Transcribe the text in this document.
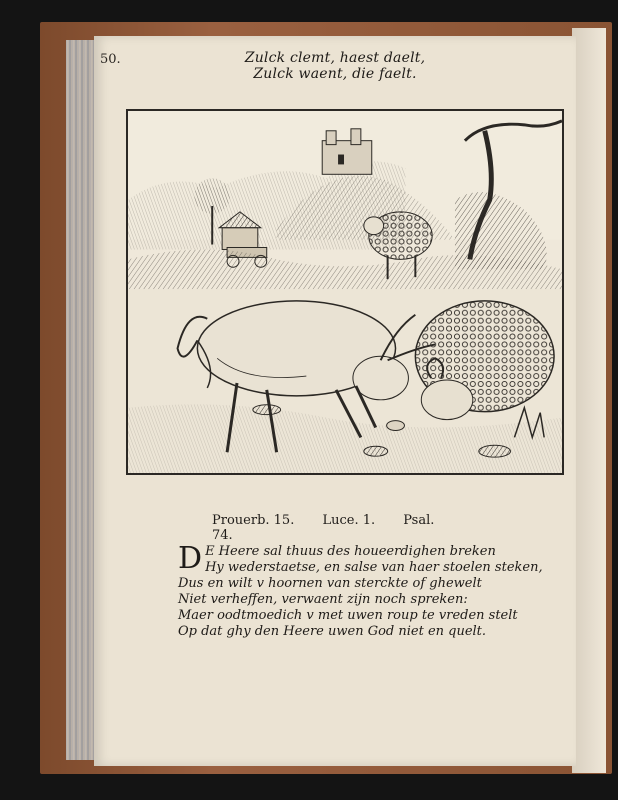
50.	Zulck clemt, haest daelt,
Zulck waent, die faelt.
Prouerb. 15. Luce. 1. Psal. 74.
D E Heere sal thuus des houeerdighen breken
Hy wederstaetse, en salse van haer stoelen steken,
Dus en wilt v hoornen van sterckte of ghewelt
Niet verheffen, verwaent zijn noch spreken:
Maer oodtmoedich v met uwen roup te vreden stelt
Op dat ghy den Heere uwen God niet en quelt.
